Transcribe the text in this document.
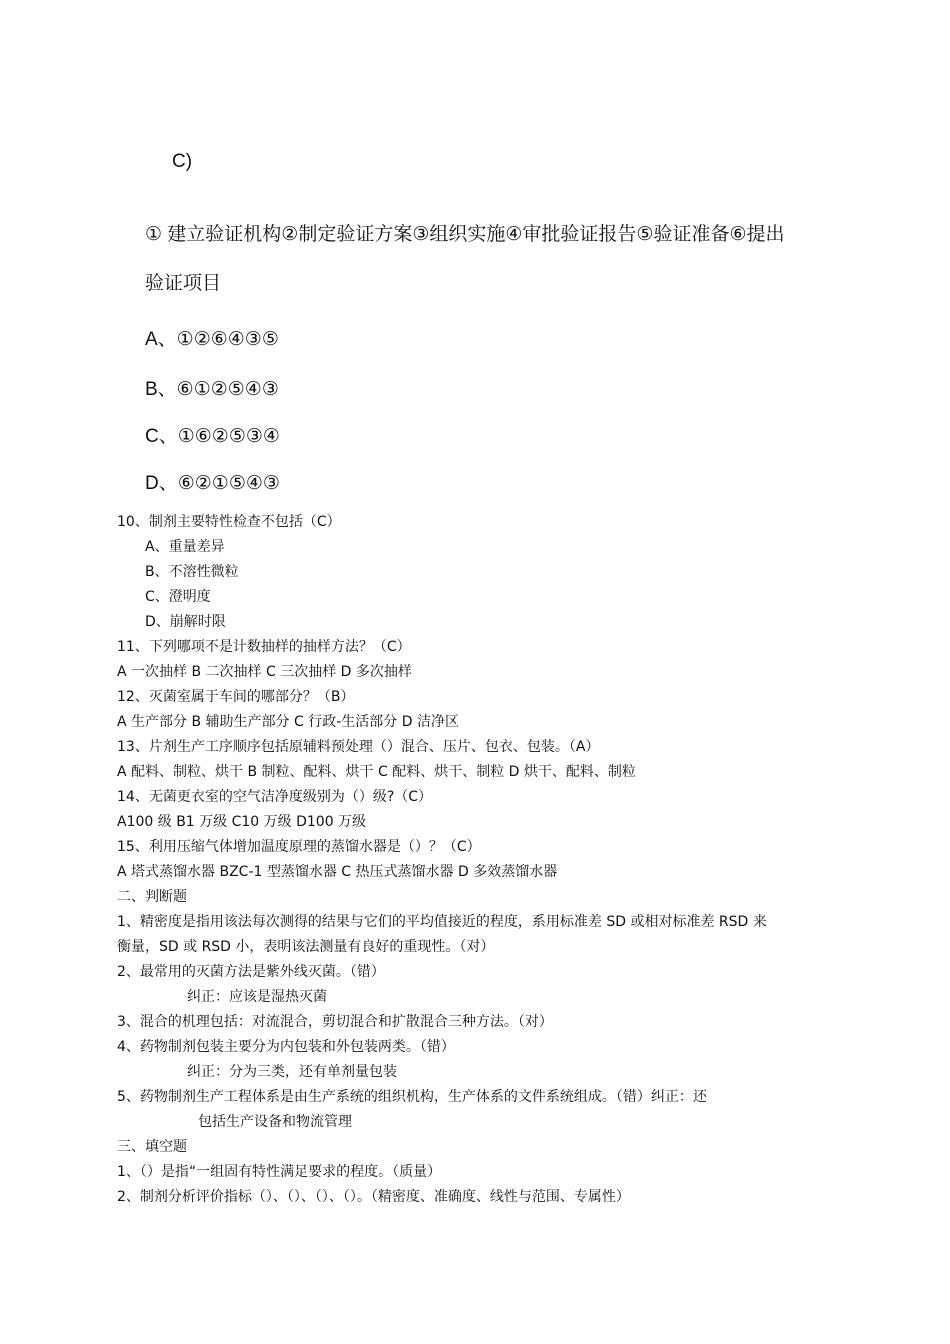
C)
① 建立验证机构②制定验证方案③组织实施④审批验证报告⑤验证准备⑥提出
验证项目
A、①②⑥④③⑤
B、⑥①②⑤④③
C、①⑥②⑤③④
D、⑥②①⑤④③
10、制剂主要特性检查不包括（C）
A、重量差异
B、不溶性微粒
C、澄明度
D、崩解时限
11、下列哪项不是计数抽样的抽样方法？（C）
A 一次抽样 B 二次抽样 C 三次抽样 D 多次抽样
12、灭菌室属于车间的哪部分？（B）
A 生产部分 B 辅助生产部分 C 行政-生活部分 D 洁净区
13、片剂生产工序顺序包括原辅料预处理（）混合、压片、包衣、包装。（A）
A 配料、制粒、烘干 B 制粒、配料、烘干 C 配料、烘干、制粒 D 烘干、配料、制粒
14、无菌更衣室的空气洁净度级别为（）级?（C）
A100 级 B1 万级 C10 万级 D100 万级
15、利用压缩气体增加温度原理的蒸馏水器是（）？（C）
A 塔式蒸馏水器 BZC-1 型蒸馏水器 C 热压式蒸馏水器 D 多效蒸馏水器
二、判断题
1、精密度是指用该法每次测得的结果与它们的平均值接近的程度，系用标准差 SD 或相对标准差 RSD 来
衡量，SD 或 RSD 小，表明该法测量有良好的重现性。（对）
2、最常用的灭菌方法是紫外线灭菌。（错）
纠正：应该是湿热灭菌
3、混合的机理包括：对流混合，剪切混合和扩散混合三种方法。（对）
4、药物制剂包装主要分为内包装和外包装两类。（错）
纠正：分为三类，还有单剂量包装
5、药物制剂生产工程体系是由生产系统的组织机构，生产体系的文件系统组成。（错）纠正：还
包括生产设备和物流管理
三、填空题
1、（）是指“一组固有特性满足要求的程度。（质量）
2、制剂分析评价指标（）、（）、（）、（）。（精密度、准确度、线性与范围、专属性）
